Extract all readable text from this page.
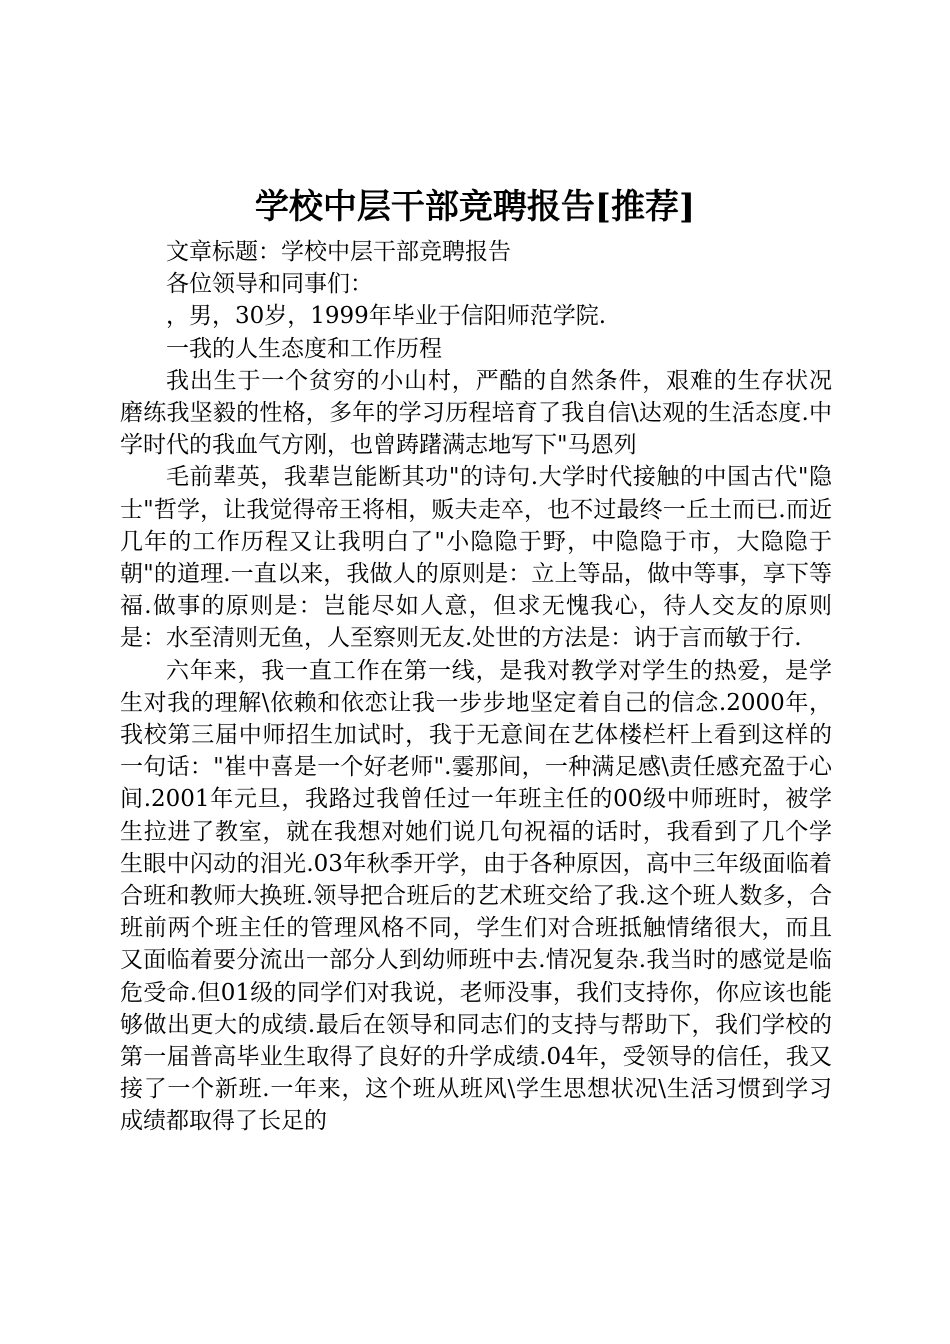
学校中层干部竞聘报告[推荐]

文章标题：学校中层干部竞聘报告

各位领导和同事们：

，男，30岁，1999年毕业于信阳师范学院.

一我的人生态度和工作历程

我出生于一个贫穷的小山村，严酷的自然条件，艰难的生存状况磨练我坚毅的性格，多年的学习历程培育了我自信\达观的生活态度.中学时代的我血气方刚，也曾踌躇满志地写下"马恩列

毛前辈英，我辈岂能断其功"的诗句.大学时代接触的中国古代"隐士"哲学，让我觉得帝王将相，贩夫走卒，也不过最终一丘土而已.而近几年的工作历程又让我明白了"小隐隐于野，中隐隐于市，大隐隐于朝"的道理.一直以来，我做人的原则是：立上等品，做中等事，享下等福.做事的原则是：岂能尽如人意，但求无愧我心，待人交友的原则是：水至清则无鱼，人至察则无友.处世的方法是：讷于言而敏于行.

六年来，我一直工作在第一线，是我对教学对学生的热爱，是学生对我的理解\依赖和依恋让我一步步地坚定着自己的信念.2000年，我校第三届中师招生加试时，我于无意间在艺体楼栏杆上看到这样的一句话："崔中喜是一个好老师".霎那间，一种满足感\责任感充盈于心间.2001年元旦，我路过我曾任过一年班主任的00级中师班时，被学生拉进了教室，就在我想对她们说几句祝福的话时，我看到了几个学生眼中闪动的泪光.03年秋季开学，由于各种原因，高中三年级面临着合班和教师大换班.领导把合班后的艺术班交给了我.这个班人数多，合班前两个班主任的管理风格不同，学生们对合班抵触情绪很大，而且又面临着要分流出一部分人到幼师班中去.情况复杂.我当时的感觉是临危受命.但01级的同学们对我说，老师没事，我们支持你，你应该也能够做出更大的成绩.最后在领导和同志们的支持与帮助下，我们学校的第一届普高毕业生取得了良好的升学成绩.04年，受领导的信任，我又接了一个新班.一年来，这个班从班风\学生思想状况\生活习惯到学习成绩都取得了长足的
